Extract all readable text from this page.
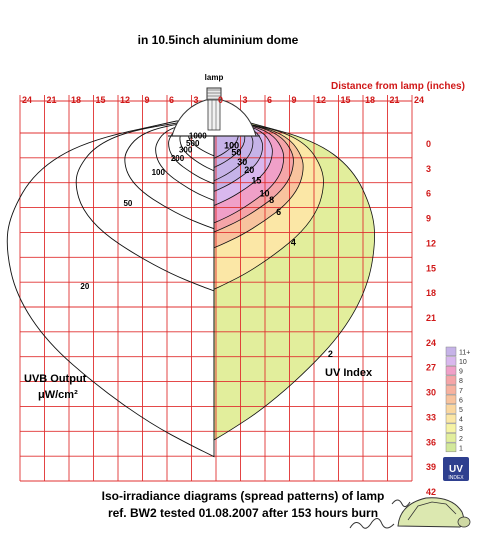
in 10.5inch aluminium dome
lamp
Distance from lamp (inches)
24 21 18 15 12 9 6 3 0 3 6 9 12 15 18 21 24
0
3
6
9
12
15
18
21
24
27
30
33
36
39
42
1000
500
300
200
100
50
20
100
50
30
20
15
10
8
6
4
2
UVB Output
μW/cm²
UV Index
11+
10
9
8
7
6
5
4
3
2
1
UV
INDEX
Iso-irradiance diagrams (spread patterns) of lamp
ref. BW2 tested 01.08.2007 after 153 hours burn
